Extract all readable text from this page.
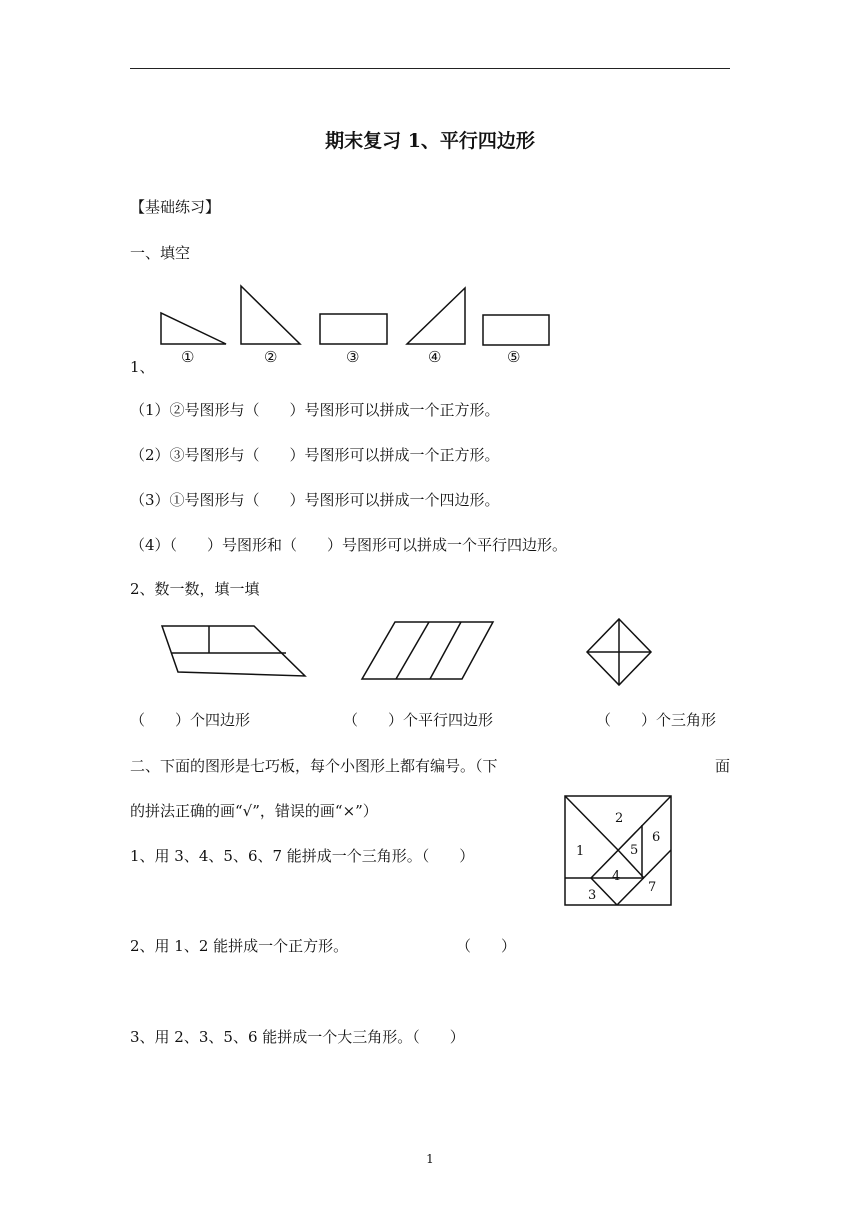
期末复习 1、平行四边形
【基础练习】
一、填空
①	②	③	④	⑤
1、
（1）②号图形与（　　）号图形可以拼成一个正方形。
（2）③号图形与（　　）号图形可以拼成一个正方形。
（3）①号图形与（　　）号图形可以拼成一个四边形。
（4）（　　）号图形和（　　）号图形可以拼成一个平行四边形。
2、数一数，填一填
（　　）个四边形	（　　）个平行四边形	（　　）个三角形
二、下面的图形是七巧板，每个小图形上都有编号。（下	面
的拼法正确的画“√”，错误的画“×”）
1
2
3
4
5
6
7
1、用 3、4、5、6、7 能拼成一个三角形。（　　）
2、用 1、2 能拼成一个正方形。	（　　）
3、用 2、3、5、6 能拼成一个大三角形。（　　）
1
